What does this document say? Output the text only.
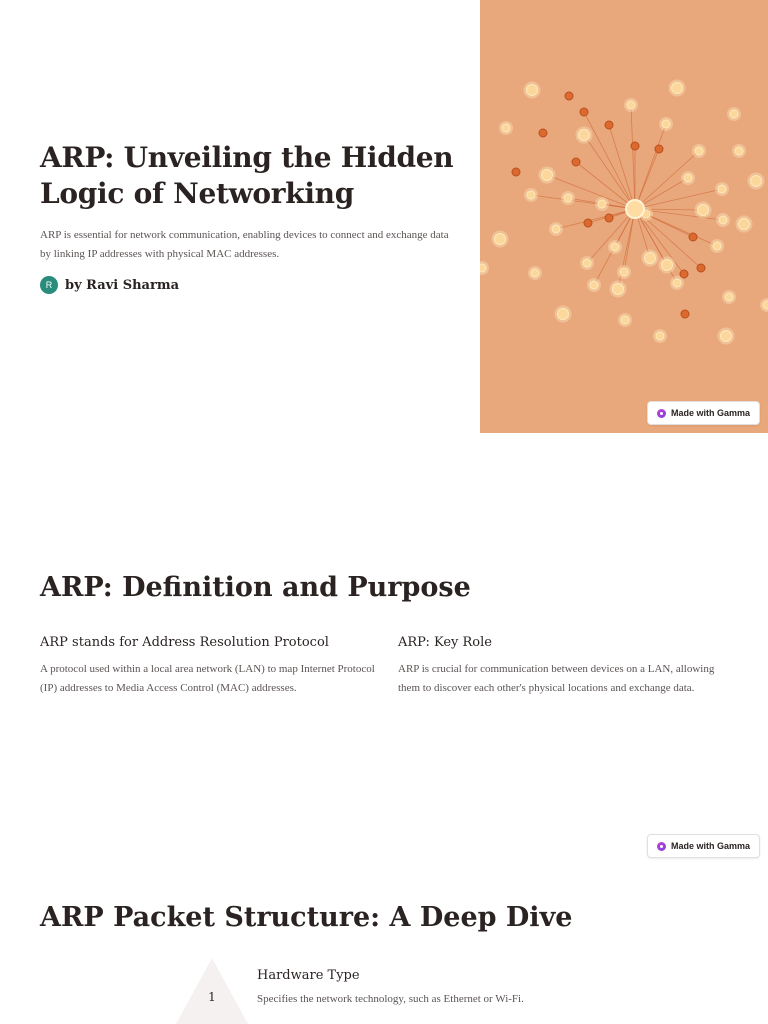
ARP: Unveiling the Hidden Logic of Networking

ARP is essential for network communication, enabling devices to connect and exchange data by linking IP addresses with physical MAC addresses.

R by Ravi Sharma
Made with Gamma
ARP: Definition and Purpose
ARP stands for Address Resolution Protocol

A protocol used within a local area network (LAN) to map Internet Protocol (IP) addresses to Media Access Control (MAC) addresses.

ARP: Key Role

ARP is crucial for communication between devices on a LAN, allowing them to discover each other's physical locations and exchange data.

Made with Gamma
ARP Packet Structure: A Deep Dive
1
Hardware Type

Specifies the network technology, such as Ethernet or Wi-Fi.
